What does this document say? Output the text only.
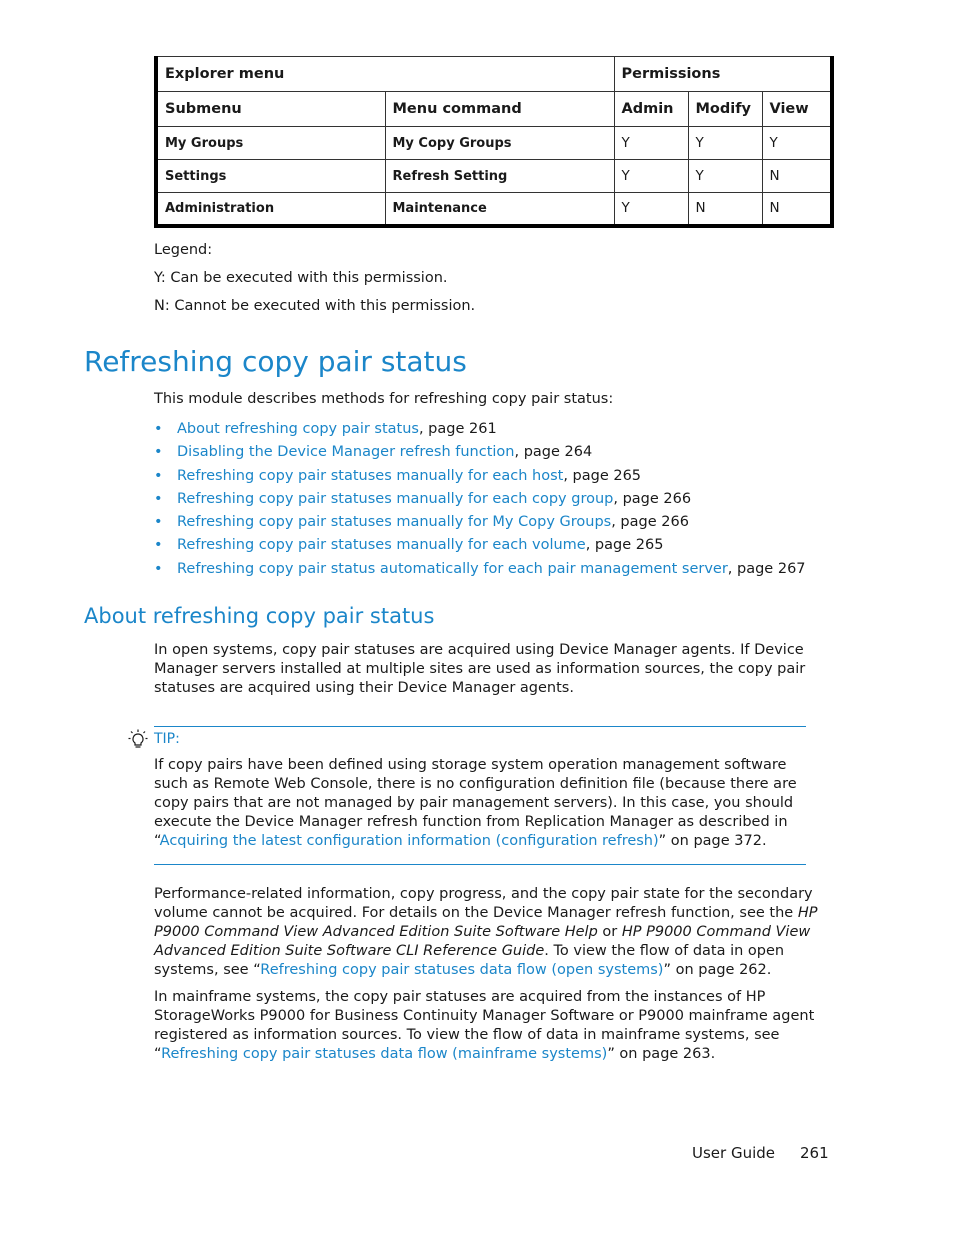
Explorer menu		Permissions		
Submenu	Menu command	Admin	Modify	View
My Groups	My Copy Groups	Y	Y	Y
Settings	Refresh Setting	Y	Y	N
Administration	Maintenance	Y	N	N
Legend:
Y: Can be executed with this permission.
N: Cannot be executed with this permission.
Refreshing copy pair status
This module describes methods for refreshing copy pair status:
• About refreshing copy pair status, page 261
• Disabling the Device Manager refresh function, page 264
• Refreshing copy pair statuses manually for each host, page 265
• Refreshing copy pair statuses manually for each copy group, page 266
• Refreshing copy pair statuses manually for My Copy Groups, page 266
• Refreshing copy pair statuses manually for each volume, page 265
• Refreshing copy pair status automatically for each pair management server, page 267
About refreshing copy pair status

In open systems, copy pair statuses are acquired using Device Manager agents. If Device Manager servers installed at multiple sites are used as information sources, the copy pair statuses are acquired using their Device Manager agents.

TIP:

If copy pairs have been defined using storage system operation management software such as Remote Web Console, there is no configuration definition file (because there are copy pairs that are not managed by pair management servers). In this case, you should execute the Device Manager refresh function from Replication Manager as described in “Acquiring the latest configuration information (configuration refresh)” on page 372.

Performance-related information, copy progress, and the copy pair state for the secondary volume cannot be acquired. For details on the Device Manager refresh function, see the HP P9000 Command View Advanced Edition Suite Software Help or HP P9000 Command View Advanced Edition Suite Software CLI Reference Guide. To view the flow of data in open systems, see “Refreshing copy pair statuses data flow (open systems)” on page 262.

In mainframe systems, the copy pair statuses are acquired from the instances of HP StorageWorks P9000 for Business Continuity Manager Software or P9000 mainframe agent registered as information sources. To view the flow of data in mainframe systems, see “Refreshing copy pair statuses data flow (mainframe systems)” on page 263.

User Guide 261
